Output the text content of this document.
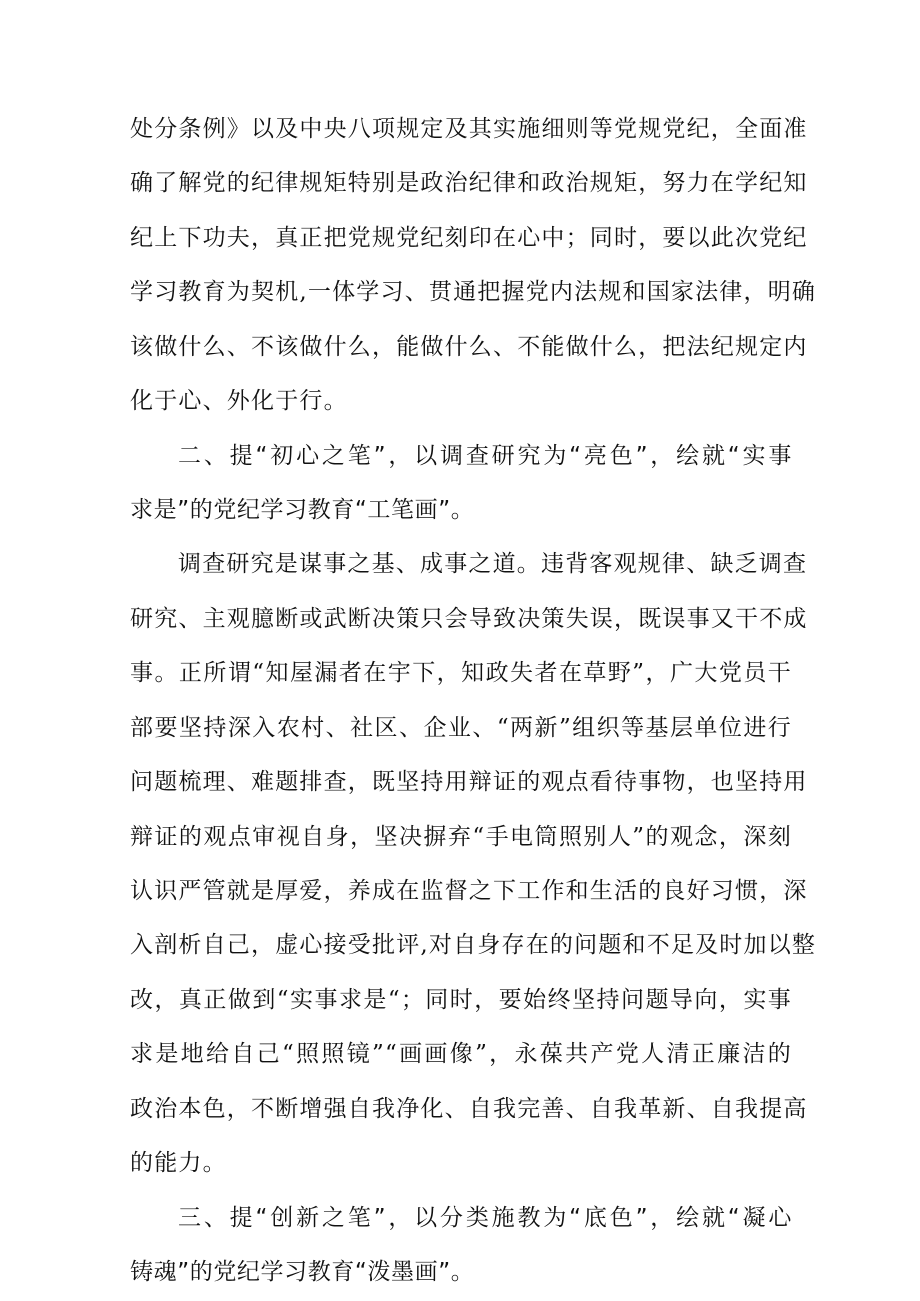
处分条例》以及中央八项规定及其实施细则等党规党纪，全面准
确了解党的纪律规矩特别是政治纪律和政治规矩，努力在学纪知
纪上下功夫，真正把党规党纪刻印在心中；同时，要以此次党纪
学习教育为契机,一体学习、贯通把握党内法规和国家法律，明确
该做什么、不该做什么，能做什么、不能做什么，把法纪规定内
化于心、外化于行。
二、提“初心之笔”，以调查研究为“亮色”，绘就“实事
求是”的党纪学习教育“工笔画”。
调查研究是谋事之基、成事之道。违背客观规律、缺乏调查
研究、主观臆断或武断决策只会导致决策失误，既误事又干不成
事。正所谓“知屋漏者在宇下，知政失者在草野”，广大党员干
部要坚持深入农村、社区、企业、“两新”组织等基层单位进行
问题梳理、难题排查，既坚持用辩证的观点看待事物，也坚持用
辩证的观点审视自身，坚决摒弃“手电筒照别人”的观念，深刻
认识严管就是厚爱，养成在监督之下工作和生活的良好习惯，深
入剖析自己，虚心接受批评,对自身存在的问题和不足及时加以整
改，真正做到“实事求是“；同时，要始终坚持问题导向，实事
求是地给自己“照照镜”“画画像”，永葆共产党人清正廉洁的
政治本色，不断增强自我净化、自我完善、自我革新、自我提高
的能力。
三、提“创新之笔”，以分类施教为“底色”，绘就“凝心
铸魂”的党纪学习教育“泼墨画”。
